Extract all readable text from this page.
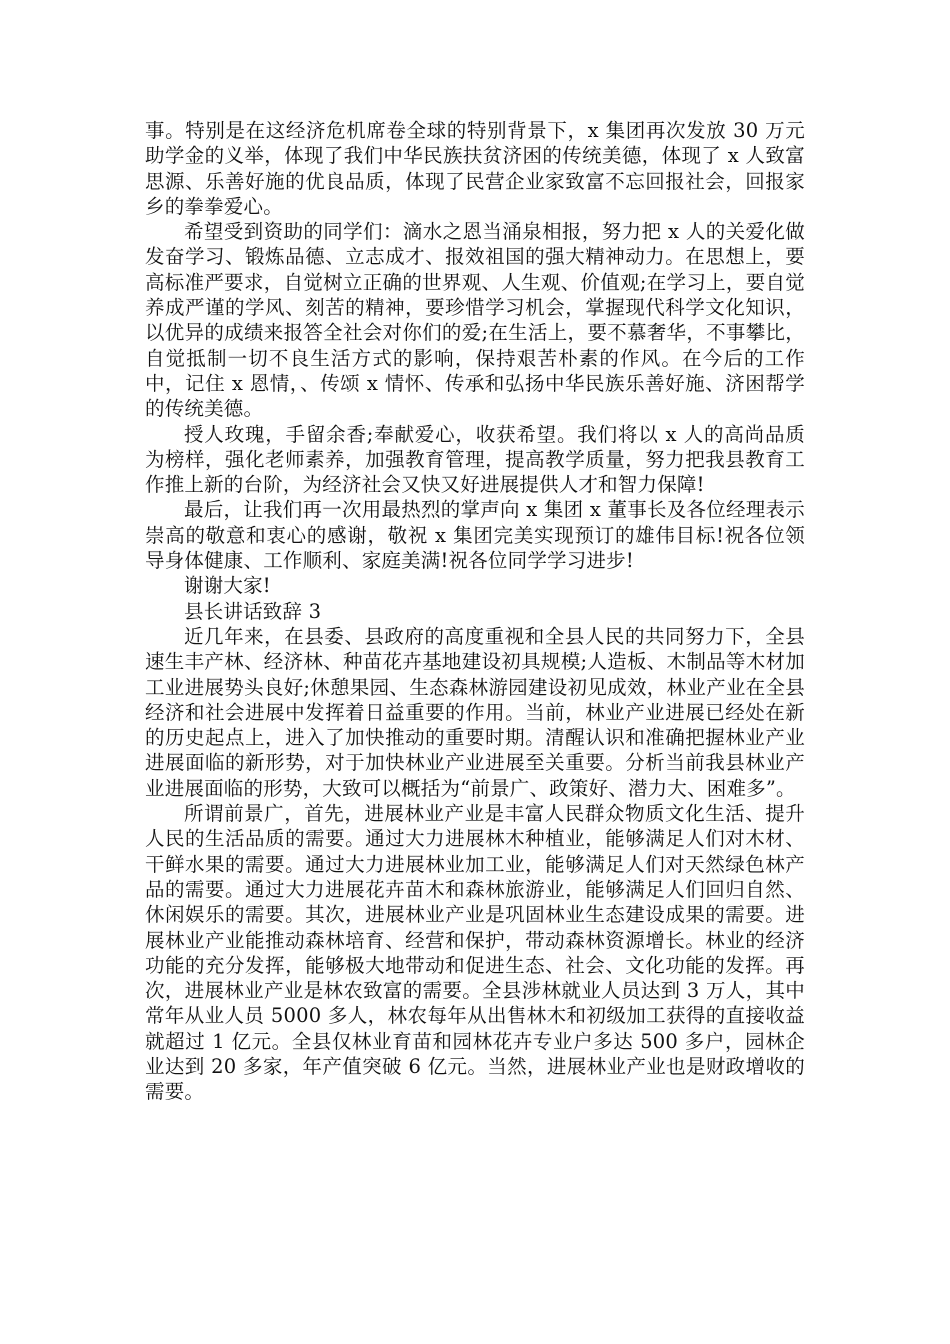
事。特别是在这经济危机席卷全球的特别背景下，x 集团再次发放 30 万元助学金的义举，体现了我们中华民族扶贫济困的传统美德，体现了 x 人致富思源、乐善好施的优良品质，体现了民营企业家致富不忘回报社会，回报家乡的拳拳爱心。

希望受到资助的同学们：滴水之恩当涌泉相报，努力把 x 人的关爱化做发奋学习、锻炼品德、立志成才、报效祖国的强大精神动力。在思想上，要高标准严要求，自觉树立正确的世界观、人生观、价值观;在学习上，要自觉养成严谨的学风、刻苦的精神，要珍惜学习机会，掌握现代科学文化知识，以优异的成绩来报答全社会对你们的爱;在生活上，要不慕奢华，不事攀比，自觉抵制一切不良生活方式的影响，保持艰苦朴素的作风。在今后的工作中，记住 x 恩情，、传颂 x 情怀、传承和弘扬中华民族乐善好施、济困帮学的传统美德。

授人玫瑰，手留余香;奉献爱心，收获希望。我们将以 x 人的高尚品质为榜样，强化老师素养，加强教育管理，提高教学质量，努力把我县教育工作推上新的台阶，为经济社会又快又好进展提供人才和智力保障!

最后，让我们再一次用最热烈的掌声向 x 集团 x 董事长及各位经理表示崇高的敬意和衷心的感谢，敬祝 x 集团完美实现预订的雄伟目标!祝各位领导身体健康、工作顺利、家庭美满!祝各位同学学习进步!

谢谢大家!

县长讲话致辞 3

近几年来，在县委、县政府的高度重视和全县人民的共同努力下，全县速生丰产林、经济林、种苗花卉基地建设初具规模;人造板、木制品等木材加工业进展势头良好;休憩果园、生态森林游园建设初见成效，林业产业在全县经济和社会进展中发挥着日益重要的作用。当前，林业产业进展已经处在新的历史起点上，进入了加快推动的重要时期。清醒认识和准确把握林业产业进展面临的新形势，对于加快林业产业进展至关重要。分析当前我县林业产业进展面临的形势，大致可以概括为“前景广、政策好、潜力大、困难多”。

所谓前景广，首先，进展林业产业是丰富人民群众物质文化生活、提升人民的生活品质的需要。通过大力进展林木种植业，能够满足人们对木材、干鲜水果的需要。通过大力进展林业加工业，能够满足人们对天然绿色林产品的需要。通过大力进展花卉苗木和森林旅游业，能够满足人们回归自然、休闲娱乐的需要。其次，进展林业产业是巩固林业生态建设成果的需要。进展林业产业能推动森林培育、经营和保护，带动森林资源增长。林业的经济功能的充分发挥，能够极大地带动和促进生态、社会、文化功能的发挥。再次，进展林业产业是林农致富的需要。全县涉林就业人员达到 3 万人，其中常年从业人员 5000 多人，林农每年从出售林木和初级加工获得的直接收益就超过 1 亿元。全县仅林业育苗和园林花卉专业户多达 500 多户，园林企业达到 20 多家，年产值突破 6 亿元。当然，进展林业产业也是财政增收的需要。
